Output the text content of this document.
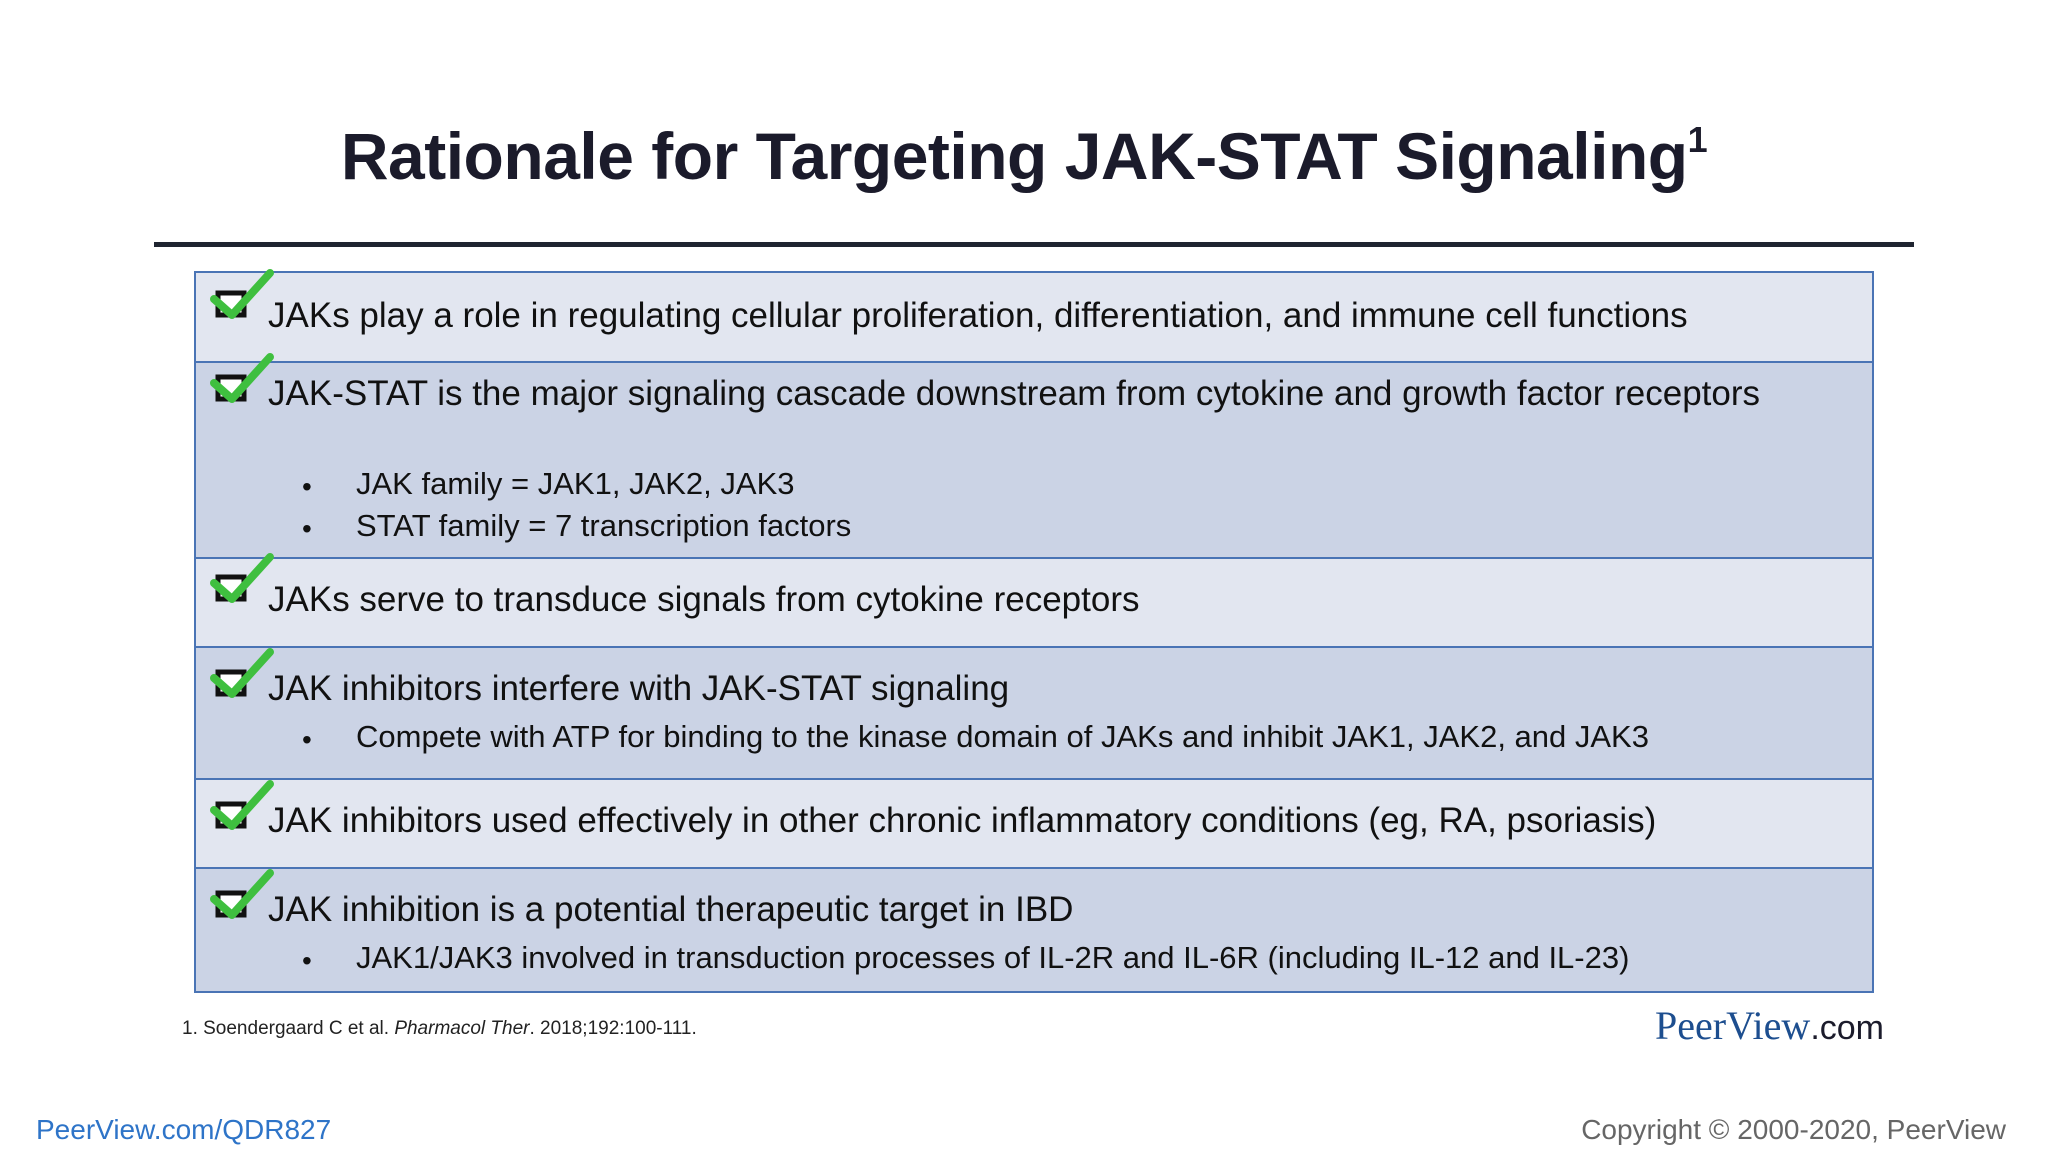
Rationale for Targeting JAK-STAT Signaling$^1$
JAKs play a role in regulating cellular proliferation, differentiation, and immune cell functions
JAK-STAT is the major signaling cascade downstream from cytokine and growth factor receptors
• JAK family = JAK1, JAK2, JAK3
• STAT family = 7 transcription factors
JAKs serve to transduce signals from cytokine receptors
JAK inhibitors interfere with JAK-STAT signaling
• Compete with ATP for binding to the kinase domain of JAKs and inhibit JAK1, JAK2, and JAK3
JAK inhibitors used effectively in other chronic inflammatory conditions (eg, RA, psoriasis)
JAK inhibition is a potential therapeutic target in IBD
• JAK1/JAK3 involved in transduction processes of IL-2R and IL-6R (including IL-12 and IL-23)
1. Soendergaard C et al. Pharmacol Ther. 2018;192:100-111.	PeerView.com
PeerView.com/QDR827	Copyright © 2000-2020, PeerView
